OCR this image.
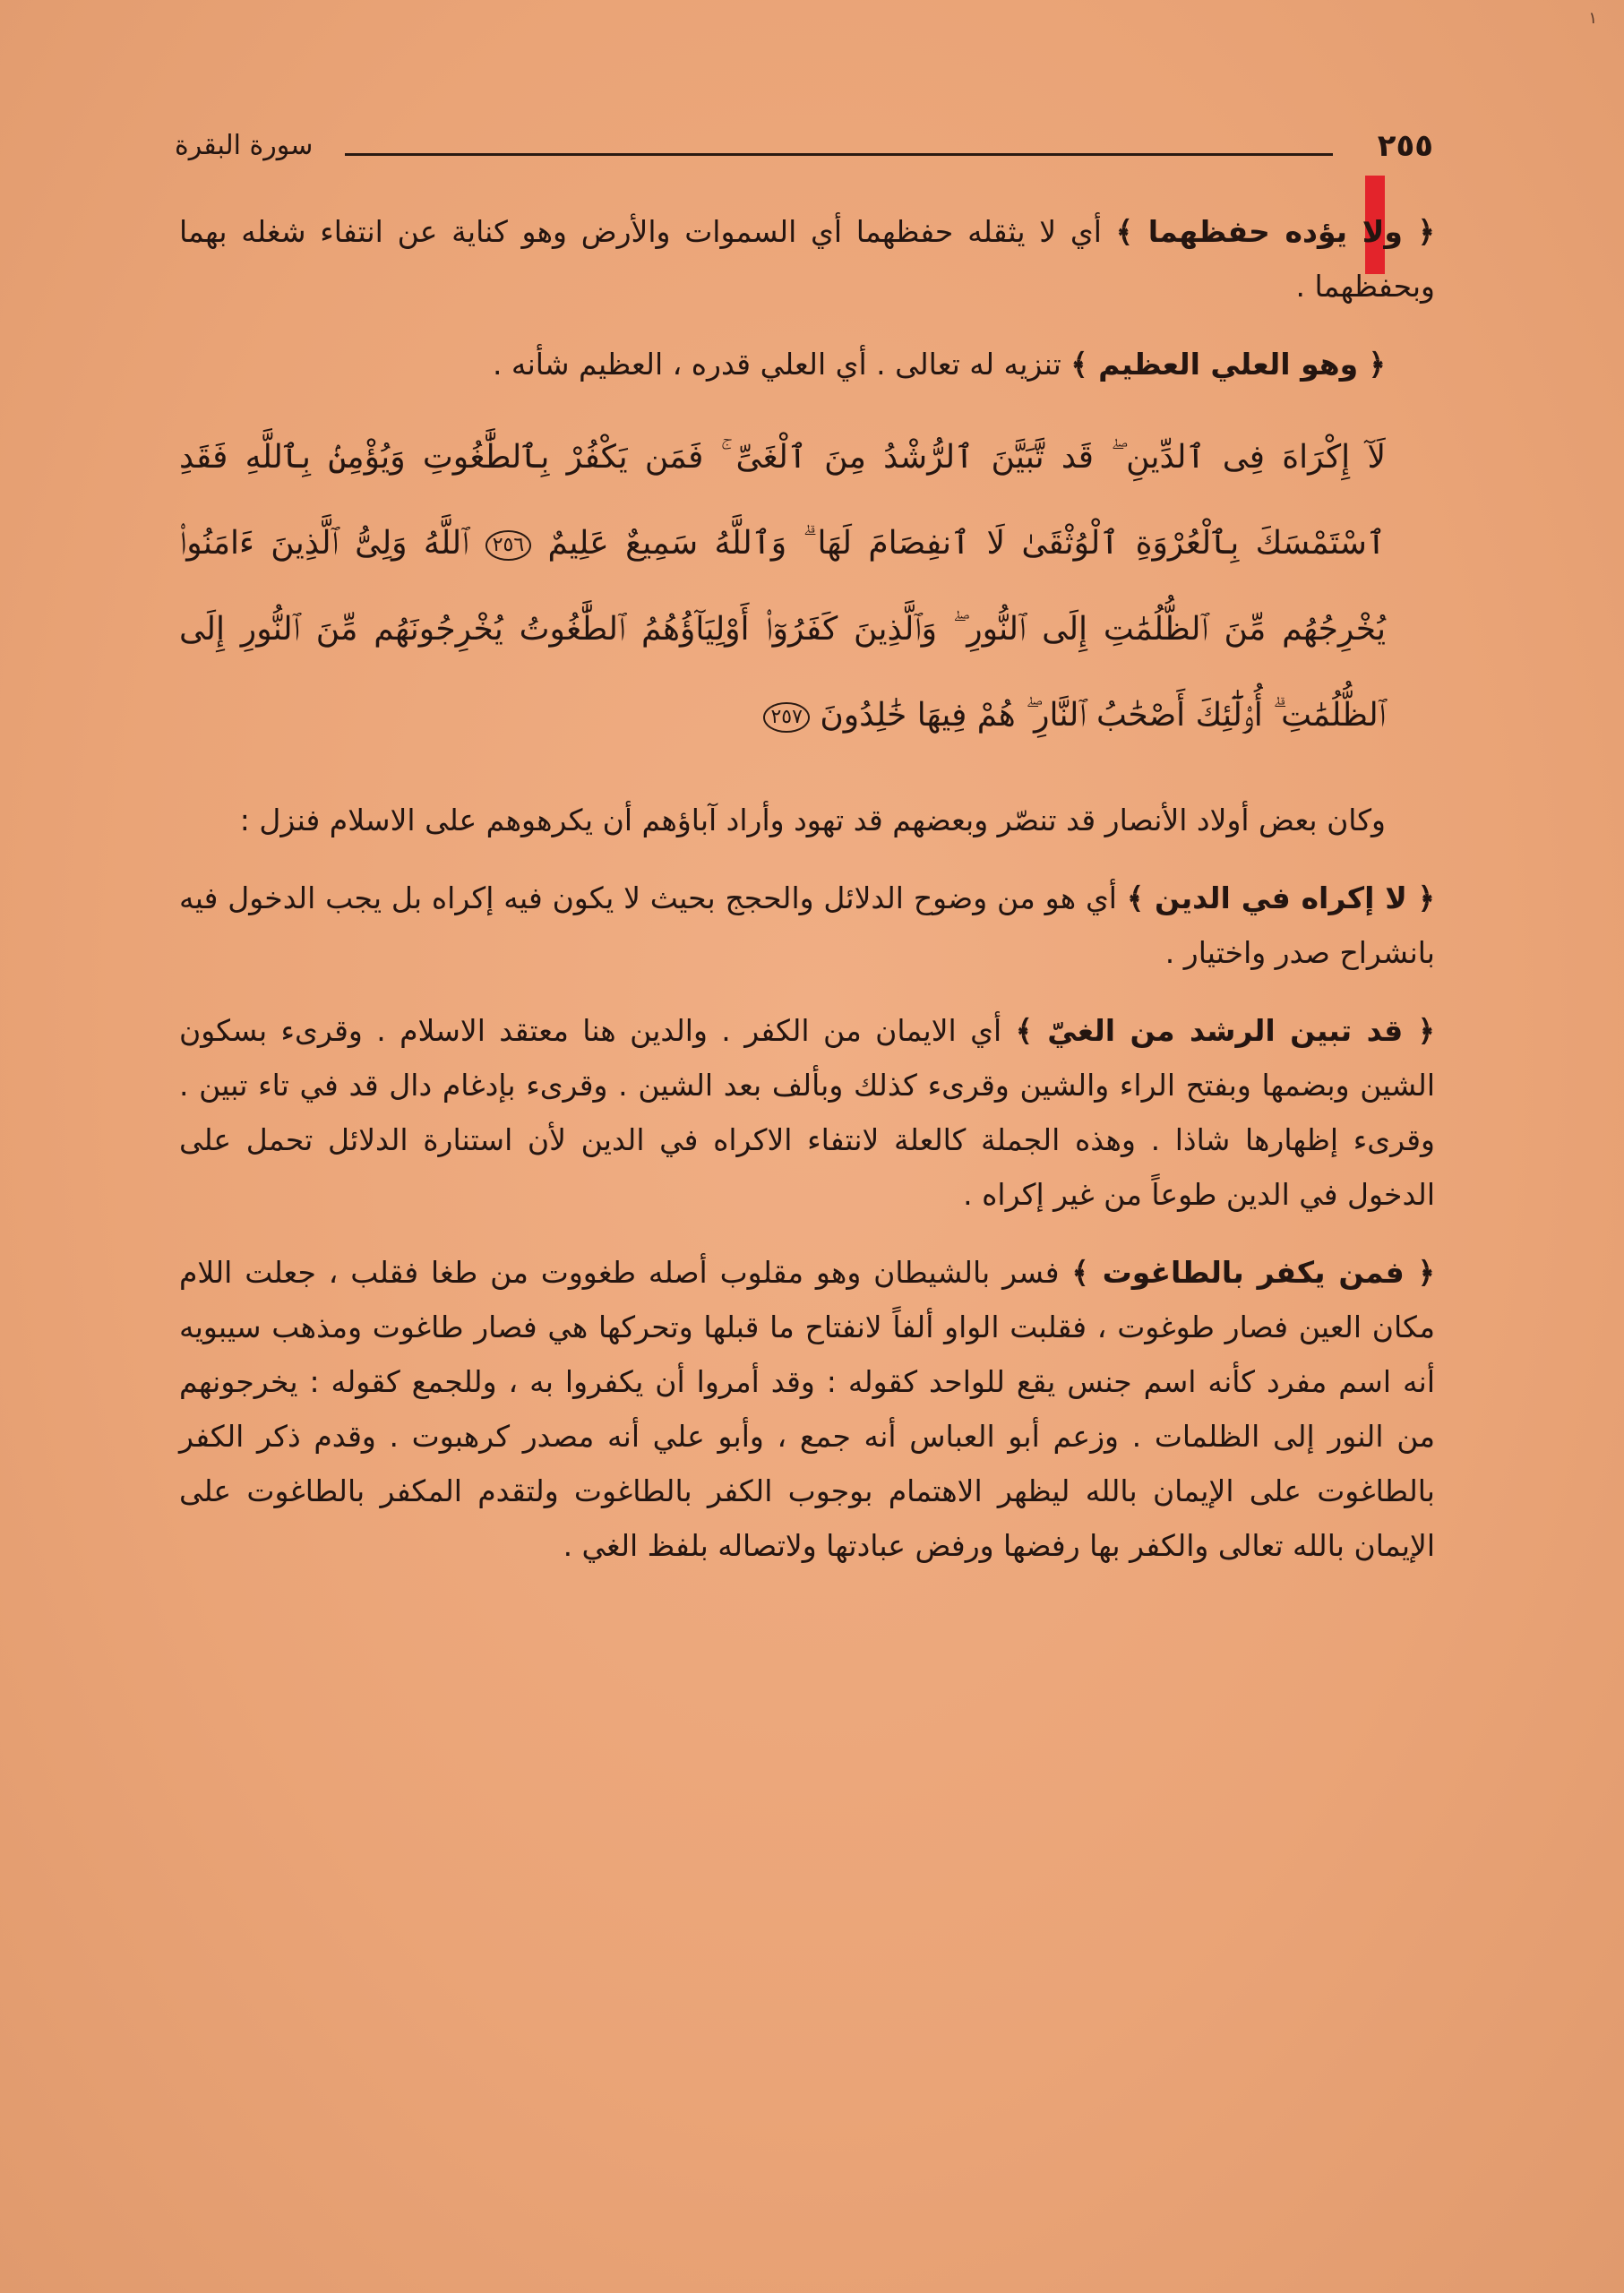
١
٢٥٥
سورة البقرة

﴿ ولا يؤده حفظهما ﴾ أي لا يثقله حفظهما أي السموات والأرض وهو كناية عن انتفاء شغله بهما وبحفظهما .

﴿ وهو العلي العظيم ﴾ تنزيه له تعالى . أي العلي قدره ، العظيم شأنه .

لَآ إِكْرَاهَ فِى ٱلدِّينِ ۖ قَد تَّبَيَّنَ ٱلرُّشْدُ مِنَ ٱلْغَىِّ ۚ فَمَن يَكْفُرْ بِٱلطَّٰغُوتِ وَيُؤْمِنۢ بِٱللَّهِ فَقَدِ ٱسْتَمْسَكَ بِٱلْعُرْوَةِ ٱلْوُثْقَىٰ لَا ٱنفِصَامَ لَهَا ۗ وَٱللَّهُ سَمِيعٌ عَلِيمٌ ٢٥٦ ٱللَّهُ وَلِىُّ ٱلَّذِينَ ءَامَنُوا۟ يُخْرِجُهُم مِّنَ ٱلظُّلُمَٰتِ إِلَى ٱلنُّورِ ۖ وَٱلَّذِينَ كَفَرُوٓا۟ أَوْلِيَآؤُهُمُ ٱلطَّٰغُوتُ يُخْرِجُونَهُم مِّنَ ٱلنُّورِ إِلَى ٱلظُّلُمَٰتِ ۗ أُو۟لَٰٓئِكَ أَصْحَٰبُ ٱلنَّارِ ۖ هُمْ فِيهَا خَٰلِدُونَ ٢٥٧

وكان بعض أولاد الأنصار قد تنصّر وبعضهم قد تهود وأراد آباؤهم أن يكرهوهم على الاسلام فنزل :

﴿ لا إكراه في الدين ﴾ أي هو من وضوح الدلائل والحجج بحيث لا يكون فيه إكراه بل يجب الدخول فيه بانشراح صدر واختيار .

﴿ قد تبين الرشد من الغيّ ﴾ أي الايمان من الكفر . والدين هنا معتقد الاسلام . وقرىء بسكون الشين وبضمها وبفتح الراء والشين وقرىء كذلك وبألف بعد الشين . وقرىء بإدغام دال قد في تاء تبين . وقرىء إظهارها شاذا . وهذه الجملة كالعلة لانتفاء الاكراه في الدين لأن استنارة الدلائل تحمل على الدخول في الدين طوعاً من غير إكراه .

﴿ فمن يكفر بالطاغوت ﴾ فسر بالشيطان وهو مقلوب أصله طغووت من طغا فقلب ، جعلت اللام مكان العين فصار طوغوت ، فقلبت الواو ألفاً لانفتاح ما قبلها وتحركها هي فصار طاغوت ومذهب سيبويه أنه اسم مفرد كأنه اسم جنس يقع للواحد كقوله : وقد أمروا أن يكفروا به ، وللجمع كقوله : يخرجونهم من النور إلى الظلمات . وزعم أبو العباس أنه جمع ، وأبو علي أنه مصدر كرهبوت . وقدم ذكر الكفر بالطاغوت على الإيمان بالله ليظهر الاهتمام بوجوب الكفر بالطاغوت ولتقدم المكفر بالطاغوت على الإيمان بالله تعالى والكفر بها رفضها ورفض عبادتها ولاتصاله بلفظ الغي .
